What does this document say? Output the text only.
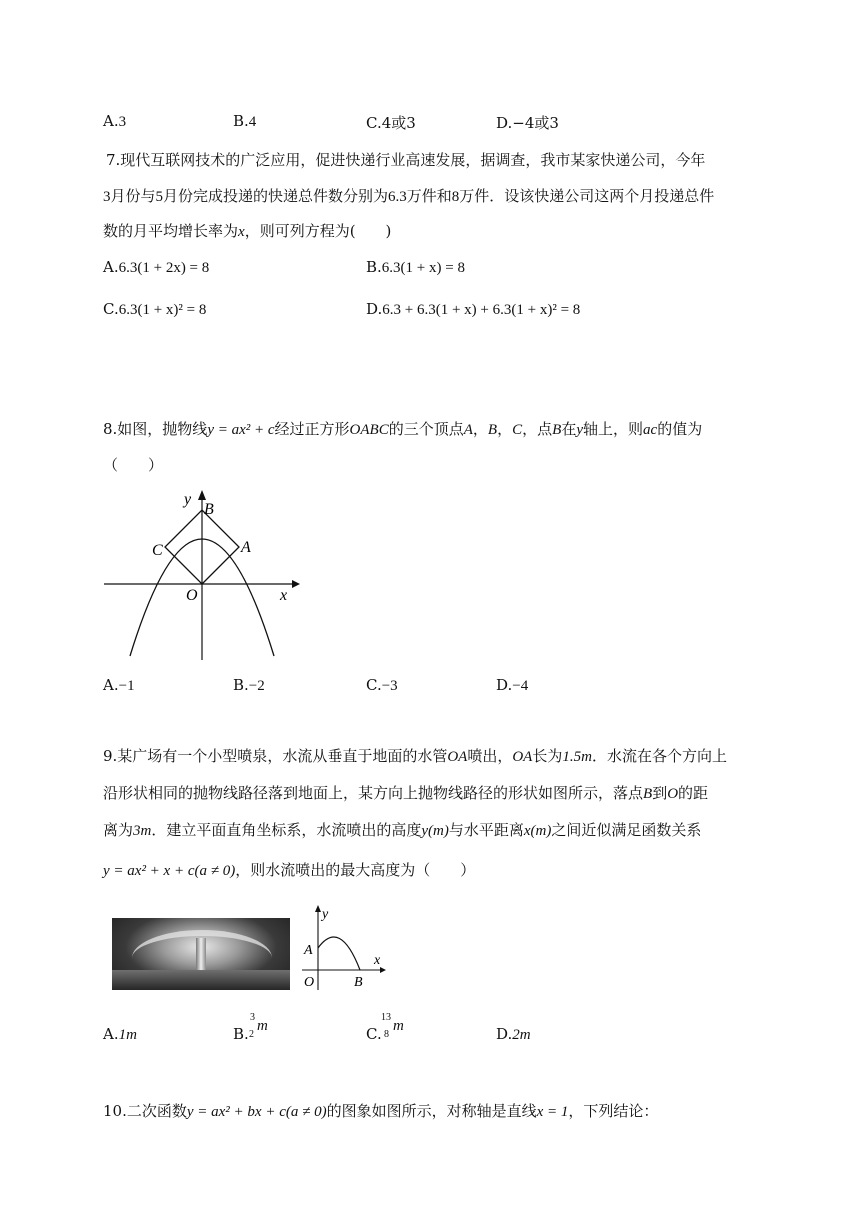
A.3	B.4	C.4或3	D.−4或3
7.现代互联网技术的广泛应用，促进快递行业高速发展，据调查，我市某家快递公司，今年
3月份与5月份完成投递的快递总件数分别为6.3万件和8万件．设该快递公司这两个月投递总件
数的月平均增长率为x，则可列方程为(　　)
A.6.3(1 + 2x) = 8	B.6.3(1 + x) = 8
C.6.3(1 + x)² = 8	D.6.3 + 6.3(1 + x) + 6.3(1 + x)² = 8
8.如图，抛物线y = ax² + c经过正方形OABC的三个顶点A，B，C，点B在y轴上，则ac的值为
（　　）
y
B
A
C
O	x
A.−1	B.−2	C.−3	D.−4
9.某广场有一个小型喷泉，水流从垂直于地面的水管OA喷出，OA长为1.5m．水流在各个方向上
沿形状相同的抛物线路径落到地面上，某方向上抛物线路径的形状如图所示，落点B到O的距
离为3m．建立平面直角坐标系，水流喷出的高度y(m)与水平距离x(m)之间近似满足函数关系
y = ax² + x + c(a ≠ 0)，则水流喷出的最大高度为（　　）
y
A
O	B
x
A.1m	B.
3
2
m	C.
13
8
m	D.2m
10.二次函数y = ax² + bx + c(a ≠ 0)的图象如图所示，对称轴是直线x = 1，下列结论：
